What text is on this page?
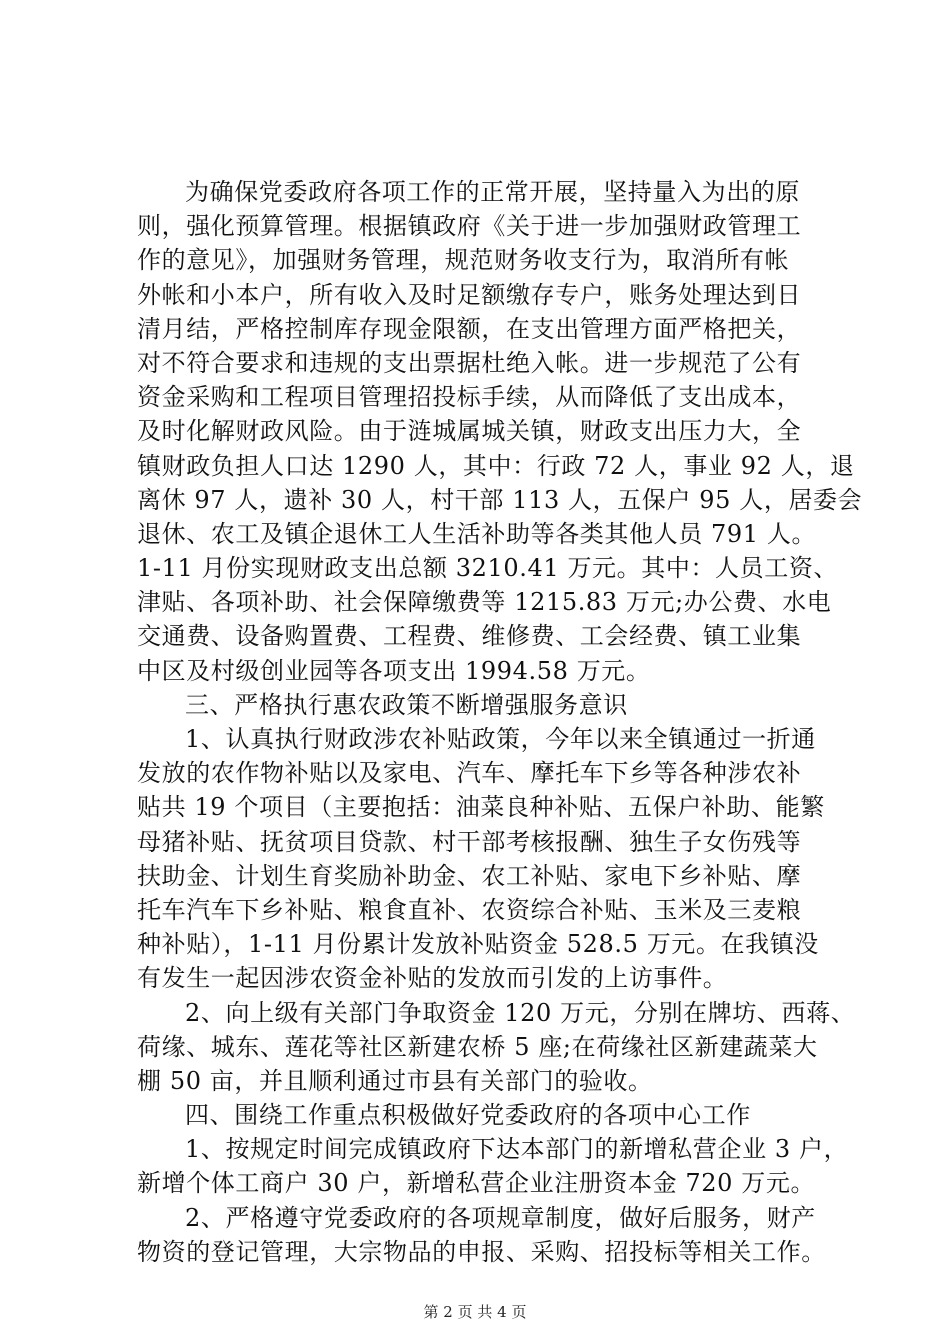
为确保党委政府各项工作的正常开展，坚持量入为出的原
则，强化预算管理。根据镇政府《关于进一步加强财政管理工
作的意见》，加强财务管理，规范财务收支行为，取消所有帐
外帐和小本户，所有收入及时足额缴存专户，账务处理达到日
清月结，严格控制库存现金限额，在支出管理方面严格把关，
对不符合要求和违规的支出票据杜绝入帐。进一步规范了公有
资金采购和工程项目管理招投标手续，从而降低了支出成本，
及时化解财政风险。由于涟城属城关镇，财政支出压力大，全
镇财政负担人口达 1290 人，其中：行政 72 人，事业 92 人，退
离休 97 人，遗补 30 人，村干部 113 人，五保户 95 人，居委会
退休、农工及镇企退休工人生活补助等各类其他人员 791 人。
1-11 月份实现财政支出总额 3210.41 万元。其中：人员工资、
津贴、各项补助、社会保障缴费等 1215.83 万元;办公费、水电
交通费、设备购置费、工程费、维修费、工会经费、镇工业集
中区及村级创业园等各项支出 1994.58 万元。
三、严格执行惠农政策不断增强服务意识
1、认真执行财政涉农补贴政策，今年以来全镇通过一折通
发放的农作物补贴以及家电、汽车、摩托车下乡等各种涉农补
贴共 19 个项目（主要抱括：油菜良种补贴、五保户补助、能繁
母猪补贴、抚贫项目贷款、村干部考核报酬、独生子女伤残等
扶助金、计划生育奖励补助金、农工补贴、家电下乡补贴、摩
托车汽车下乡补贴、粮食直补、农资综合补贴、玉米及三麦粮
种补贴），1-11 月份累计发放补贴资金 528.5 万元。在我镇没
有发生一起因涉农资金补贴的发放而引发的上访事件。
2、向上级有关部门争取资金 120 万元，分别在牌坊、西蒋、
荷缘、城东、莲花等社区新建农桥 5 座;在荷缘社区新建蔬菜大
棚 50 亩，并且顺利通过市县有关部门的验收。
四、围绕工作重点积极做好党委政府的各项中心工作
1、按规定时间完成镇政府下达本部门的新增私营企业 3 户，
新增个体工商户 30 户，新增私营企业注册资本金 720 万元。
2、严格遵守党委政府的各项规章制度，做好后服务，财产
物资的登记管理，大宗物品的申报、采购、招投标等相关工作。
第 2 页 共 4 页
